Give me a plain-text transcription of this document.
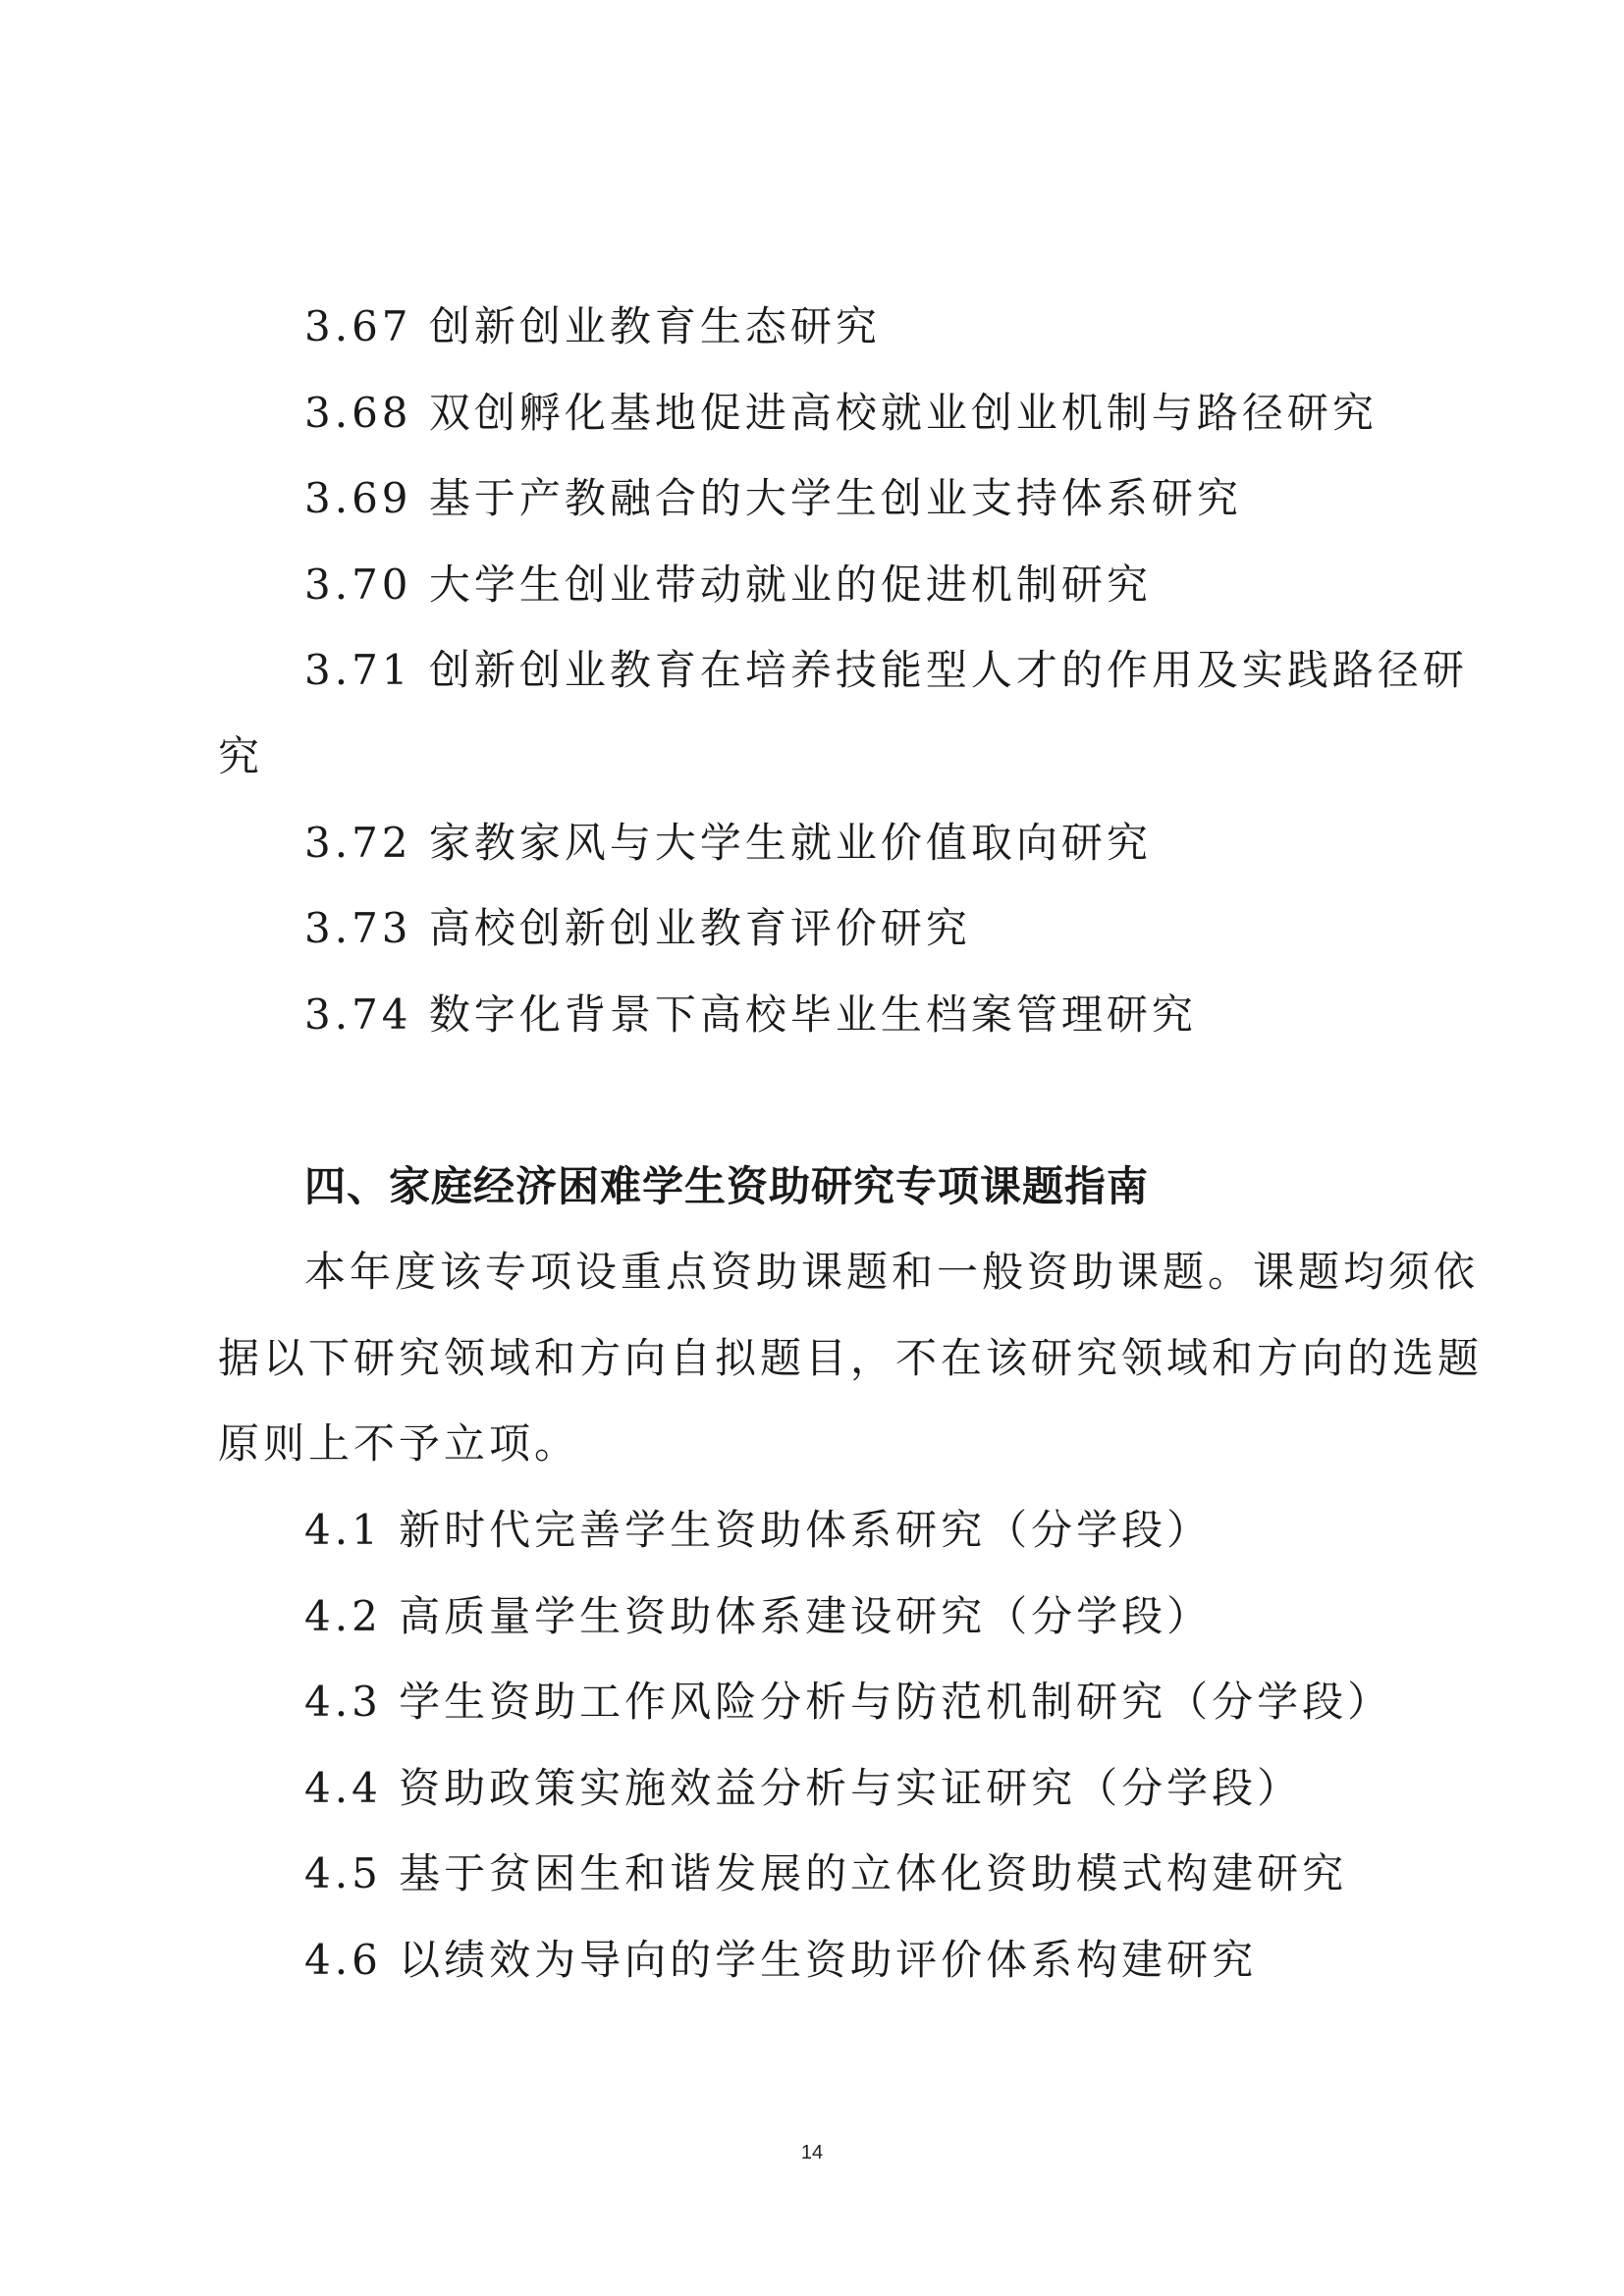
3.67 创新创业教育生态研究
3.68 双创孵化基地促进高校就业创业机制与路径研究
3.69 基于产教融合的大学生创业支持体系研究
3.70 大学生创业带动就业的促进机制研究
3.71 创新创业教育在培养技能型人才的作用及实践路径研
究
3.72 家教家风与大学生就业价值取向研究
3.73 高校创新创业教育评价研究
3.74 数字化背景下高校毕业生档案管理研究
四、家庭经济困难学生资助研究专项课题指南
本年度该专项设重点资助课题和一般资助课题。课题均须依
据以下研究领域和方向自拟题目，不在该研究领域和方向的选题
原则上不予立项。
4.1 新时代完善学生资助体系研究（分学段）
4.2 高质量学生资助体系建设研究（分学段）
4.3 学生资助工作风险分析与防范机制研究（分学段）
4.4 资助政策实施效益分析与实证研究（分学段）
4.5 基于贫困生和谐发展的立体化资助模式构建研究
4.6 以绩效为导向的学生资助评价体系构建研究
14
